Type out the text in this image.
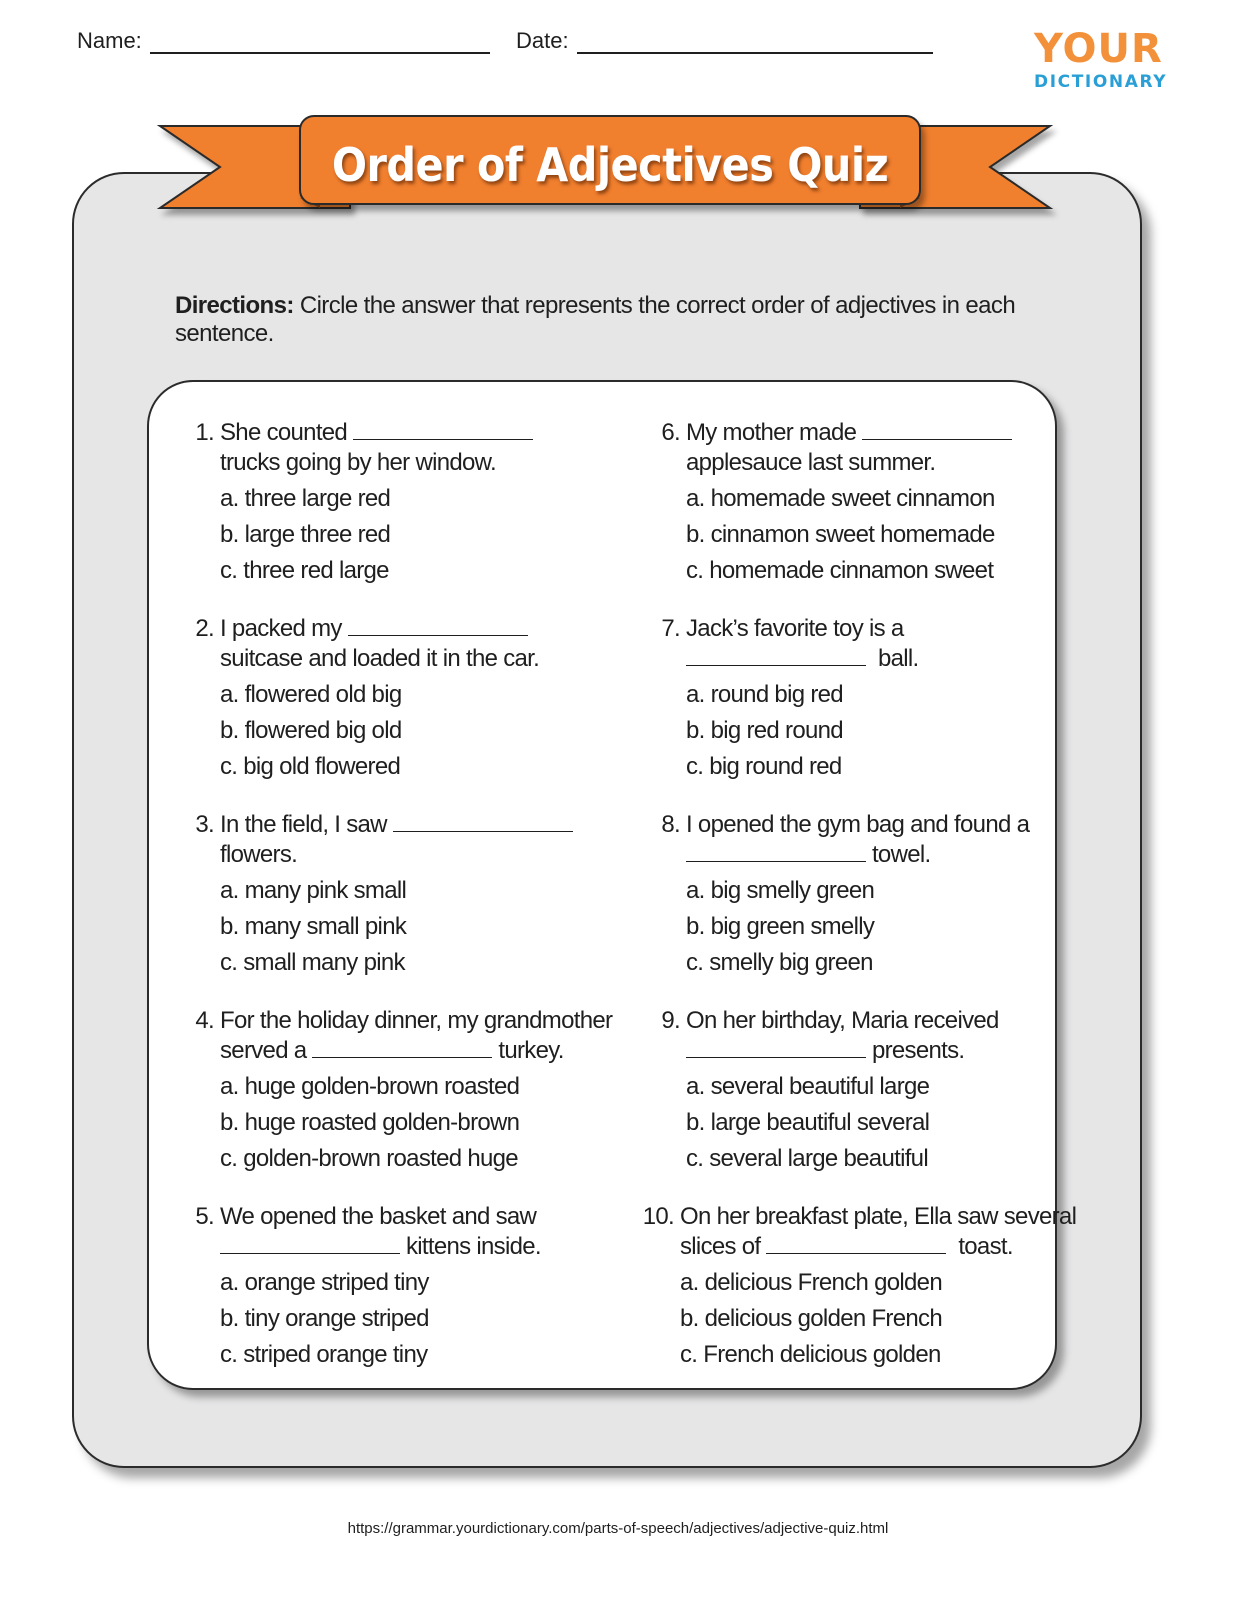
Name:	Date:	YOUR
DICTIONARY
Order of Adjectives Quiz
Directions: Circle the answer that represents the correct order of adjectives in each sentence.
1. She counted
trucks going by her window.
a. three large red
b. large three red
c. three red large
2. I packed my
suitcase and loaded it in the car.
a. flowered old big
b. flowered big old
c. big old flowered
3. In the field, I saw
flowers.
a. many pink small
b. many small pink
c. small many pink
4. For the holiday dinner, my grandmother
served a	turkey.
a. huge golden-brown roasted
b. huge roasted golden-brown
c. golden-brown roasted huge
5. We opened the basket and saw
kittens inside.
a. orange striped tiny
b. tiny orange striped
c. striped orange tiny
6. My mother made
applesauce last summer.
a. homemade sweet cinnamon
b. cinnamon sweet homemade
c. homemade cinnamon sweet
7. Jack’s favorite toy is a
ball.
a. round big red
b. big red round
c. big round red
8. I opened the gym bag and found a
towel.
a. big smelly green
b. big green smelly
c. smelly big green
9. On her birthday, Maria received
presents.
a. several beautiful large
b. large beautiful several
c. several large beautiful
10. On her breakfast plate, Ella saw several
slices of	toast.
a. delicious French golden
b. delicious golden French
c. French delicious golden
https://grammar.yourdictionary.com/parts-of-speech/adjectives/adjective-quiz.html
